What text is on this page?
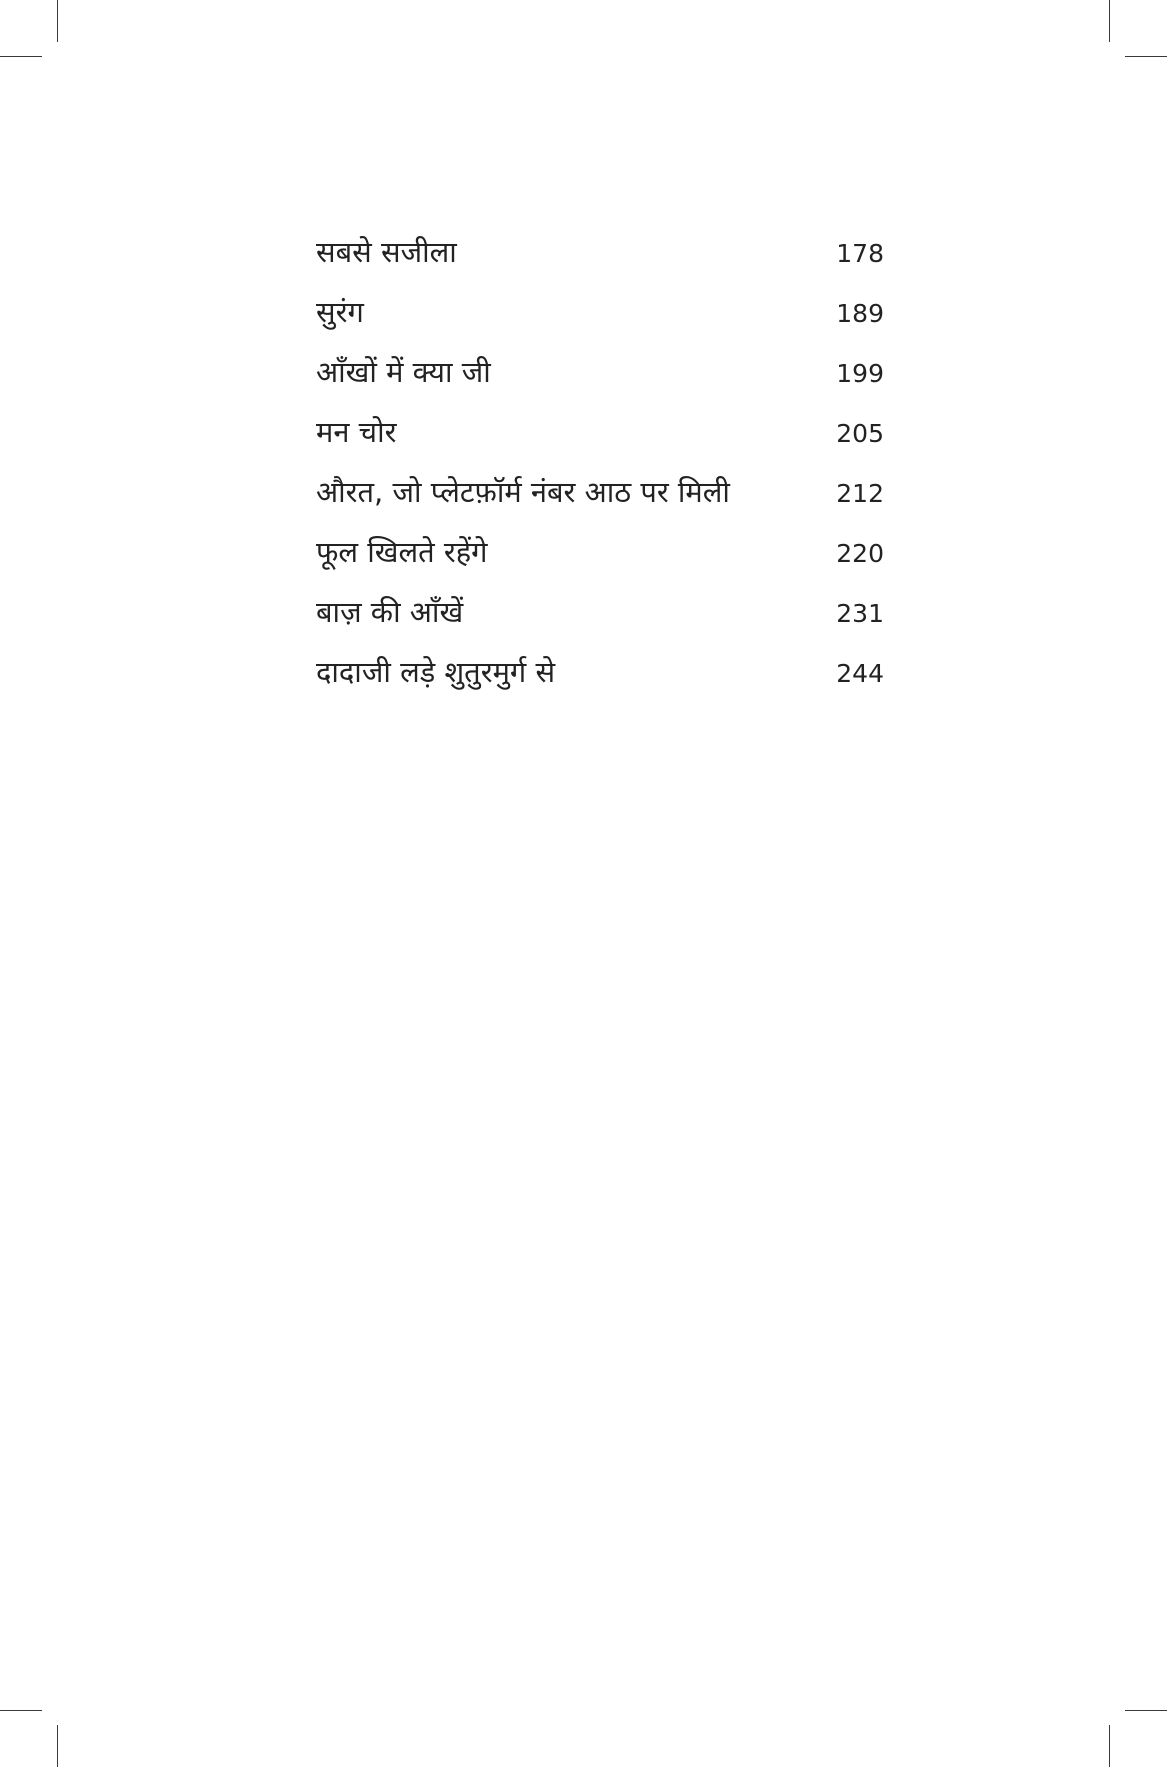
सबसे सजीला	178
सुरंग	189
आँखों में क्या जी	199
मन चोर	205
औरत, जो प्लेटफ़ॉर्म नंबर आठ पर मिली	212
फूल खिलते रहेंगे	220
बाज़ की आँखें	231
दादाजी लड़े शुतुरमुर्ग से	244
